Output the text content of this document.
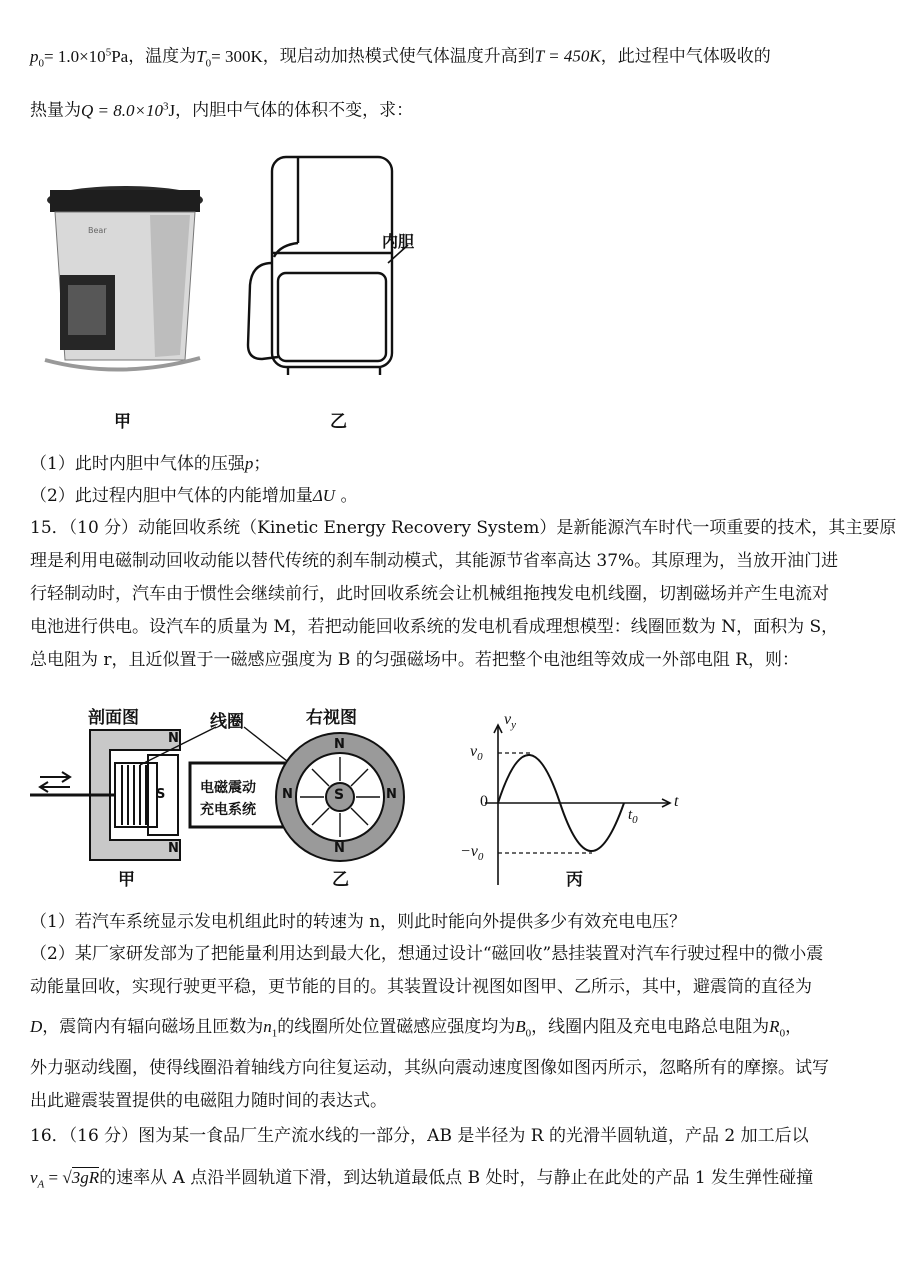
$p_0= 1.0\times 10^5Pa$，温度为$T_0= 300K$，现启动加热模式使气体温度升高到T = 450K，此过程中气体吸收的
热量为$Q = 8.0\times 10^3J$，内胆中气体的体积不变，求：
Bear
内胆
甲	乙
（1）此时内胆中气体的压强p；
（2）此过程内胆中气体的内能增加量ΔU 。
15．（10 分）动能回收系统（Kinetic Energy Recovery System）是新能源汽车时代一项重要的技术，其主要原
理是利用电磁制动回收动能以替代传统的刹车制动模式，其能源节省率高达 37%。其原理为，当放开油门进
行轻制动时，汽车由于惯性会继续前行，此时回收系统会让机械组拖拽发电机线圈，切割磁场并产生电流对
电池进行供电。设汽车的质量为 M，若把动能回收系统的发电机看成理想模型：线圈匝数为 N，面积为 S，
总电阻为 r，且近似置于一磁感应强度为 B 的匀强磁场中。若把整个电池组等效成一外部电阻 R，则：
剖面图	线圈	右视图
电磁震动
充电系统
N
N
S
N
N
N	N
S
甲	乙	丙
$v_y$
$v_0$
0
$-v_0$
t
$t_0$
（1）若汽车系统显示发电机组此时的转速为 n，则此时能向外提供多少有效充电电压？
（2）某厂家研发部为了把能量利用达到最大化，想通过设计“磁回收”悬挂装置对汽车行驶过程中的微小震
动能量回收，实现行驶更平稳，更节能的目的。其装置设计视图如图甲、乙所示，其中，避震筒的直径为
D，震筒内有辐向磁场且匝数为$n_1$的线圈所处位置磁感应强度均为$B_0$，线圈内阻及充电电路总电阻为$R_0$，
外力驱动线圈，使得线圈沿着轴线方向往复运动，其纵向震动速度图像如图丙所示，忽略所有的摩擦。试写
出此避震装置提供的电磁阻力随时间的表达式。
16．（16 分）图为某一食品厂生产流水线的一部分，AB 是半径为 R 的光滑半圆轨道，产品 2 加工后以
$v_A = √3gR$的速率从 A 点沿半圆轨道下滑，到达轨道最低点 B 处时，与静止在此处的产品 1 发生弹性碰撞
